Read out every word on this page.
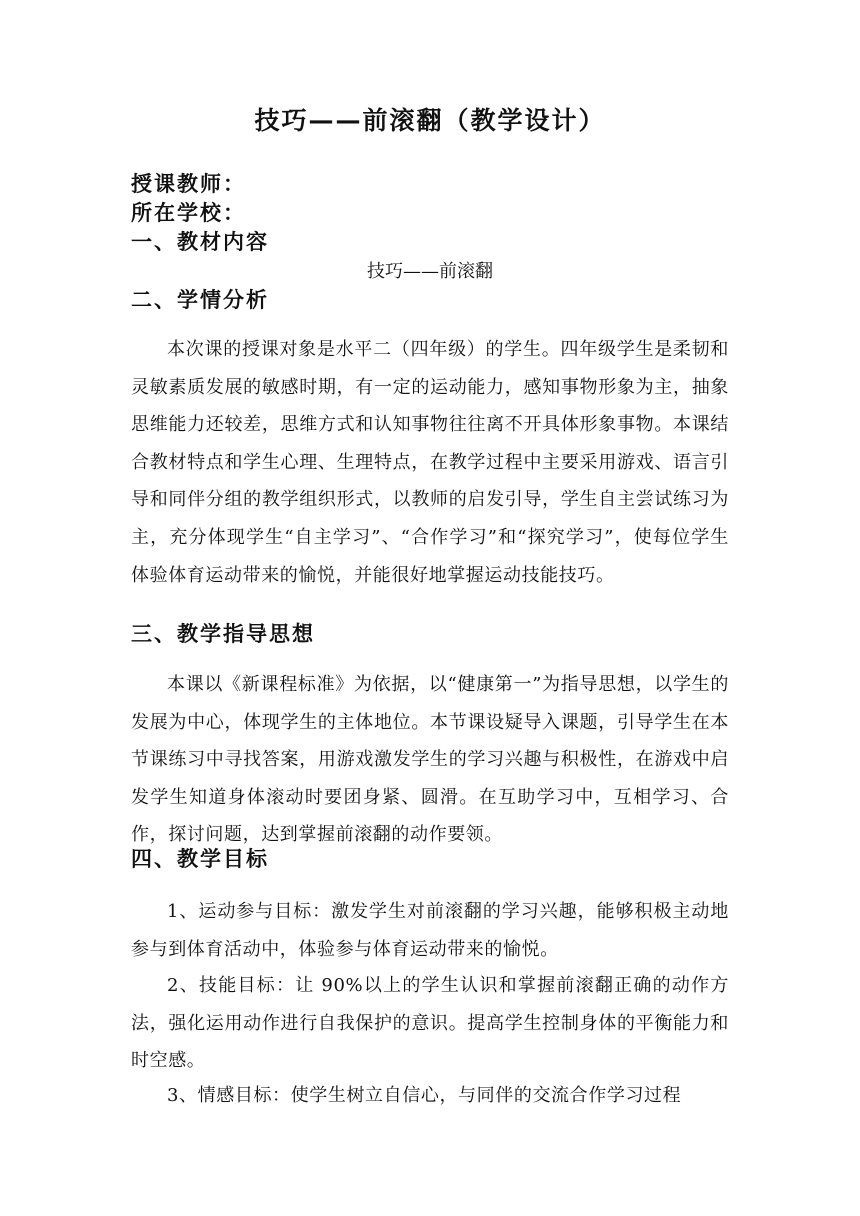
技巧——前滚翻（教学设计）
授课教师：
所在学校：
一、教材内容
技巧——前滚翻
二、学情分析
本次课的授课对象是水平二（四年级）的学生。四年级学生是柔韧和灵敏素质发展的敏感时期，有一定的运动能力，感知事物形象为主，抽象思维能力还较差，思维方式和认知事物往往离不开具体形象事物。本课结合教材特点和学生心理、生理特点，在教学过程中主要采用游戏、语言引导和同伴分组的教学组织形式，以教师的启发引导，学生自主尝试练习为主，充分体现学生“自主学习”、“合作学习”和“探究学习”，使每位学生体验体育运动带来的愉悦，并能很好地掌握运动技能技巧。
三、教学指导思想
本课以《新课程标准》为依据，以“健康第一”为指导思想，以学生的发展为中心，体现学生的主体地位。本节课设疑导入课题，引导学生在本节课练习中寻找答案，用游戏激发学生的学习兴趣与积极性，在游戏中启发学生知道身体滚动时要团身紧、圆滑。在互助学习中，互相学习、合作，探讨问题，达到掌握前滚翻的动作要领。
四、教学目标
1、运动参与目标：激发学生对前滚翻的学习兴趣，能够积极主动地参与到体育活动中，体验参与体育运动带来的愉悦。
2、技能目标：让 90%以上的学生认识和掌握前滚翻正确的动作方法，强化运用动作进行自我保护的意识。提高学生控制身体的平衡能力和时空感。
3、情感目标：使学生树立自信心，与同伴的交流合作学习过程
